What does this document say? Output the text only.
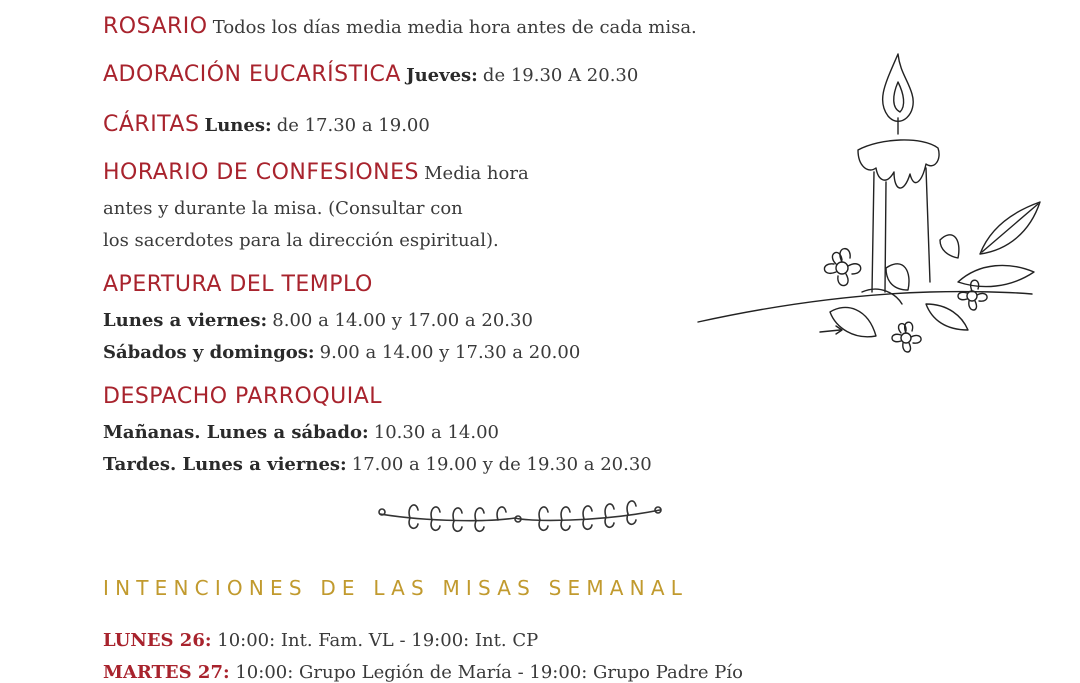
ROSARIO Todos los días media media hora antes de cada misa.
ADORACIÓN EUCARÍSTICA Jueves: de 19.30 A 20.30
CÁRITAS Lunes: de 17.30 a 19.00
HORARIO DE CONFESIONES Media hora
antes y durante la misa. (Consultar con
los sacerdotes para la dirección espiritual).
APERTURA DEL TEMPLO
Lunes a viernes: 8.00 a 14.00 y 17.00 a 20.30
Sábados y domingos: 9.00 a 14.00 y 17.30 a 20.00
DESPACHO PARROQUIAL
Mañanas. Lunes a sábado: 10.30 a 14.00
Tardes. Lunes a viernes: 17.00 a 19.00 y de 19.30 a 20.30
INTENCIONES DE LAS MISAS SEMANAL
LUNES 26: 10:00: Int. Fam. VL - 19:00: Int. CP
MARTES 27: 10:00: Grupo Legión de María - 19:00: Grupo Padre Pío
